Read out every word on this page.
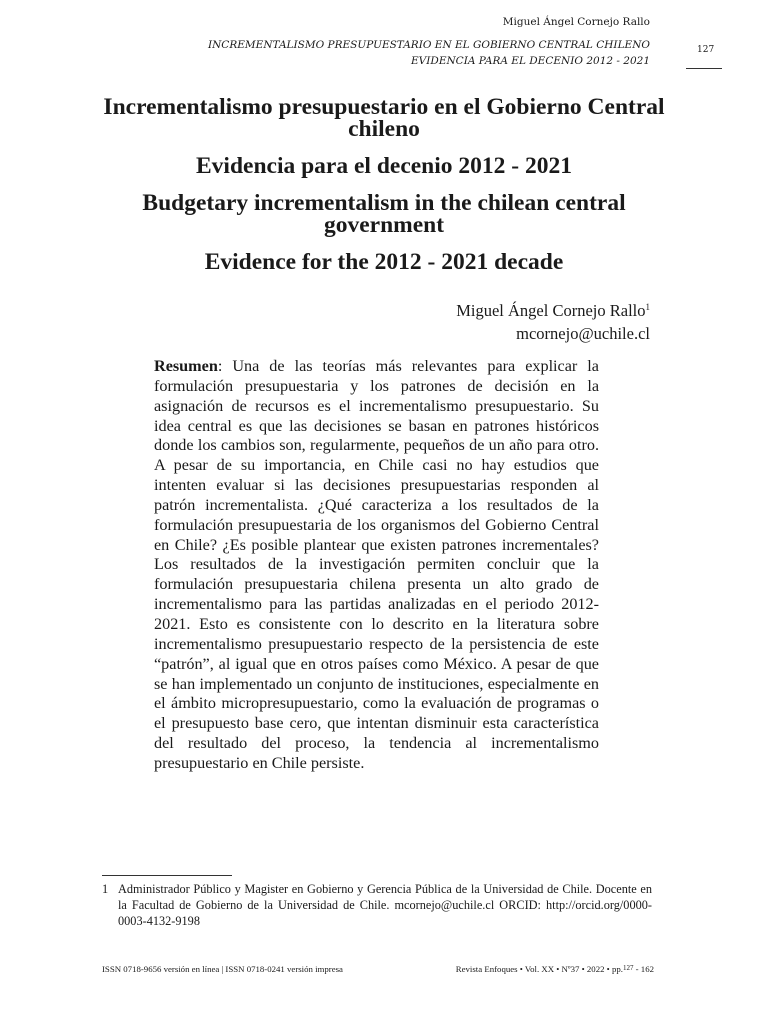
Miguel Ángel Cornejo Rallo
INCREMENTALISMO PRESUPUESTARIO EN EL GOBIERNO CENTRAL CHILENO
EVIDENCIA PARA EL DECENIO 2012 - 2021
127
Incrementalismo presupuestario en el Gobierno Central chileno
Evidencia para el decenio 2012 - 2021
Budgetary incrementalism in the chilean central government
Evidence for the 2012 - 2021 decade
Miguel Ángel Cornejo Rallo$^1$
mcornejo@uchile.cl
Resumen: Una de las teorías más relevantes para explicar la formulación presupuestaria y los patrones de decisión en la asignación de recursos es el incrementalismo presupuestario. Su idea central es que las decisiones se basan en patrones históricos donde los cambios son, regularmente, pequeños de un año para otro. A pesar de su importancia, en Chile casi no hay estudios que intenten evaluar si las decisiones presupuestarias responden al patrón incrementalista. ¿Qué caracteriza a los resultados de la formulación presupuestaria de los organismos del Gobierno Central en Chile? ¿Es posible plantear que existen patrones incrementales? Los resultados de la investigación permiten concluir que la formulación presupuestaria chilena presenta un alto grado de incrementalismo para las partidas analizadas en el periodo 2012-2021. Esto es consistente con lo descrito en la literatura sobre incrementalismo presupuestario respecto de la persistencia de este “patrón”, al igual que en otros países como México. A pesar de que se han implementado un conjunto de instituciones, especialmente en el ámbito micropresupuestario, como la evaluación de programas o el presupuesto base cero, que intentan disminuir esta característica del resultado del proceso, la tendencia al incrementalismo presupuestario en Chile persiste.
1 Administrador Público y Magister en Gobierno y Gerencia Pública de la Universidad de Chile. Docente en la Facultad de Gobierno de la Universidad de Chile. mcornejo@uchile.cl ORCID: http://orcid.org/0000-0003-4132-9198
ISSN 0718-9656 versión en línea | ISSN 0718-0241 versión impresa	Revista Enfoques • Vol. XX • Nº37 • 2022 • pp.$^{127}$ - 162
